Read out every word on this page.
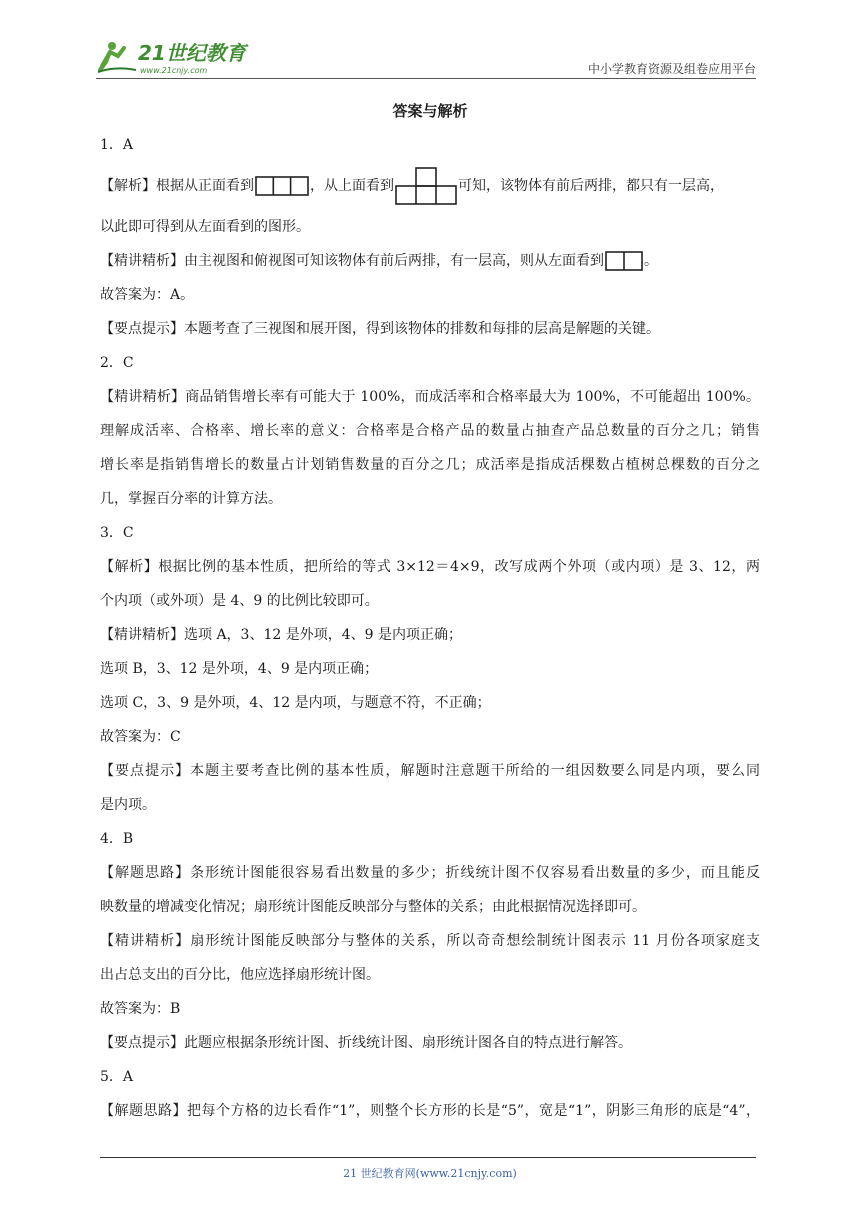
21世纪教育
www.21cnjy.com	中小学教育资源及组卷应用平台
答案与解析
1．A
【解析】根据从正面看到	，从上面看到	可知，该物体有前后两排，都只有一层高，
以此即可得到从左面看到的图形。
【精讲精析】由主视图和俯视图可知该物体有前后两排，有一层高，则从左面看到	。
故答案为：A。
【要点提示】本题考查了三视图和展开图，得到该物体的排数和每排的层高是解题的关键。
2．C
【精讲精析】商品销售增长率有可能大于 100%，而成活率和合格率最大为 100%，不可能超出 100%。
理解成活率、合格率、增长率的意义：合格率是合格产品的数量占抽查产品总数量的百分之几；销售
增长率是指销售增长的数量占计划销售数量的百分之几；成活率是指成活棵数占植树总棵数的百分之
几，掌握百分率的计算方法。
3．C
【解析】根据比例的基本性质，把所给的等式 3×12＝4×9，改写成两个外项（或内项）是 3、12，两
个内项（或外项）是 4、9 的比例比较即可。
【精讲精析】选项 A，3、12 是外项，4、9 是内项正确；
选项 B，3、12 是外项，4、9 是内项正确；
选项 C，3、9 是外项，4、12 是内项，与题意不符，不正确；
故答案为：C
【要点提示】本题主要考查比例的基本性质，解题时注意题干所给的一组因数要么同是内项，要么同
是内项。
4．B
【解题思路】条形统计图能很容易看出数量的多少；折线统计图不仅容易看出数量的多少，而且能反
映数量的增减变化情况；扇形统计图能反映部分与整体的关系；由此根据情况选择即可。
【精讲精析】扇形统计图能反映部分与整体的关系，所以奇奇想绘制统计图表示 11 月份各项家庭支
出占总支出的百分比，他应选择扇形统计图。
故答案为：B
【要点提示】此题应根据条形统计图、折线统计图、扇形统计图各自的特点进行解答。
5．A
【解题思路】把每个方格的边长看作“1”，则整个长方形的长是“5”，宽是“1”，阴影三角形的底是“4”，
21 世纪教育网(www.21cnjy.com)
